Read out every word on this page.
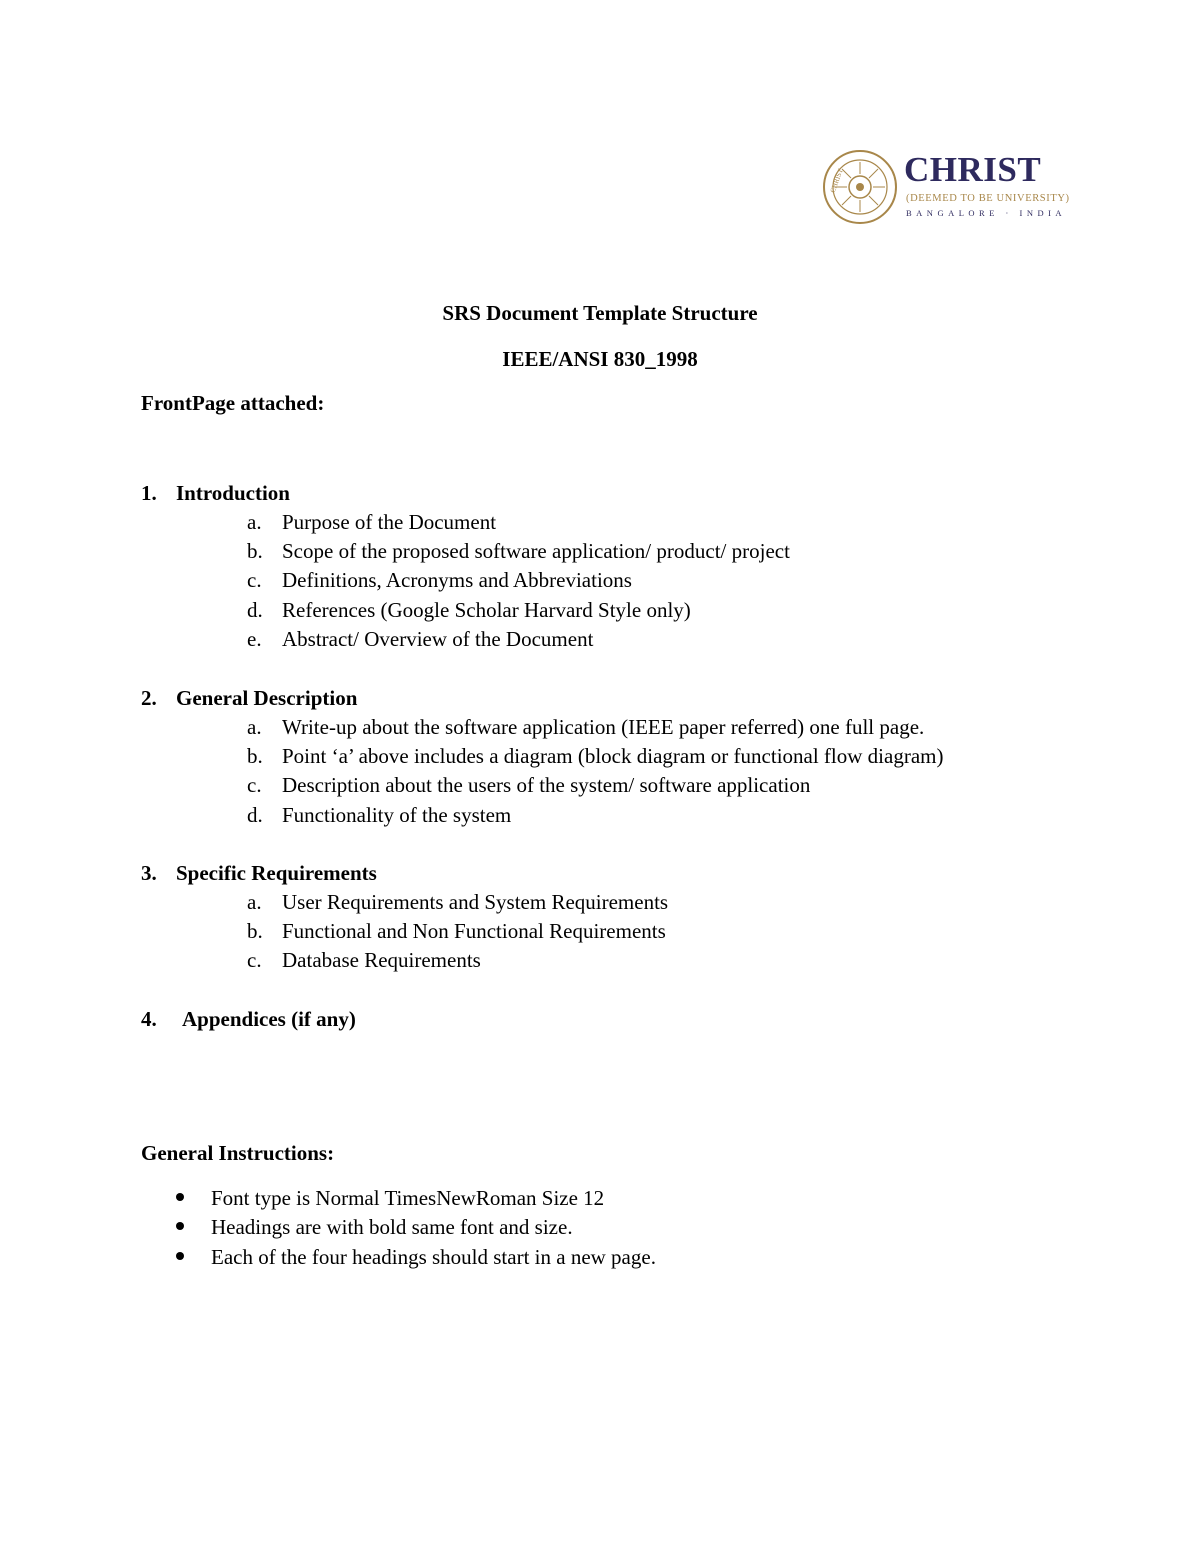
CHRIST CHRIST
(DEEMED TO BE UNIVERSITY)
BANGALORE · INDIA
SRS Document Template Structure
IEEE/ANSI 830_1998
FrontPage attached:
1. Introduction
a. Purpose of the Document
b. Scope of the proposed software application/ product/ project
c. Definitions, Acronyms and Abbreviations
d. References (Google Scholar Harvard Style only)
e. Abstract/ Overview of the Document
2. General Description
a. Write-up about the software application (IEEE paper referred) one full page.
b. Point ‘a’ above includes a diagram (block diagram or functional flow diagram)
c. Description about the users of the system/ software application
d. Functionality of the system
3. Specific Requirements
a. User Requirements and System Requirements
b. Functional and Non Functional Requirements
c. Database Requirements
4. Appendices (if any)
General Instructions:
Font type is Normal TimesNewRoman Size 12
Headings are with bold same font and size.
Each of the four headings should start in a new page.
